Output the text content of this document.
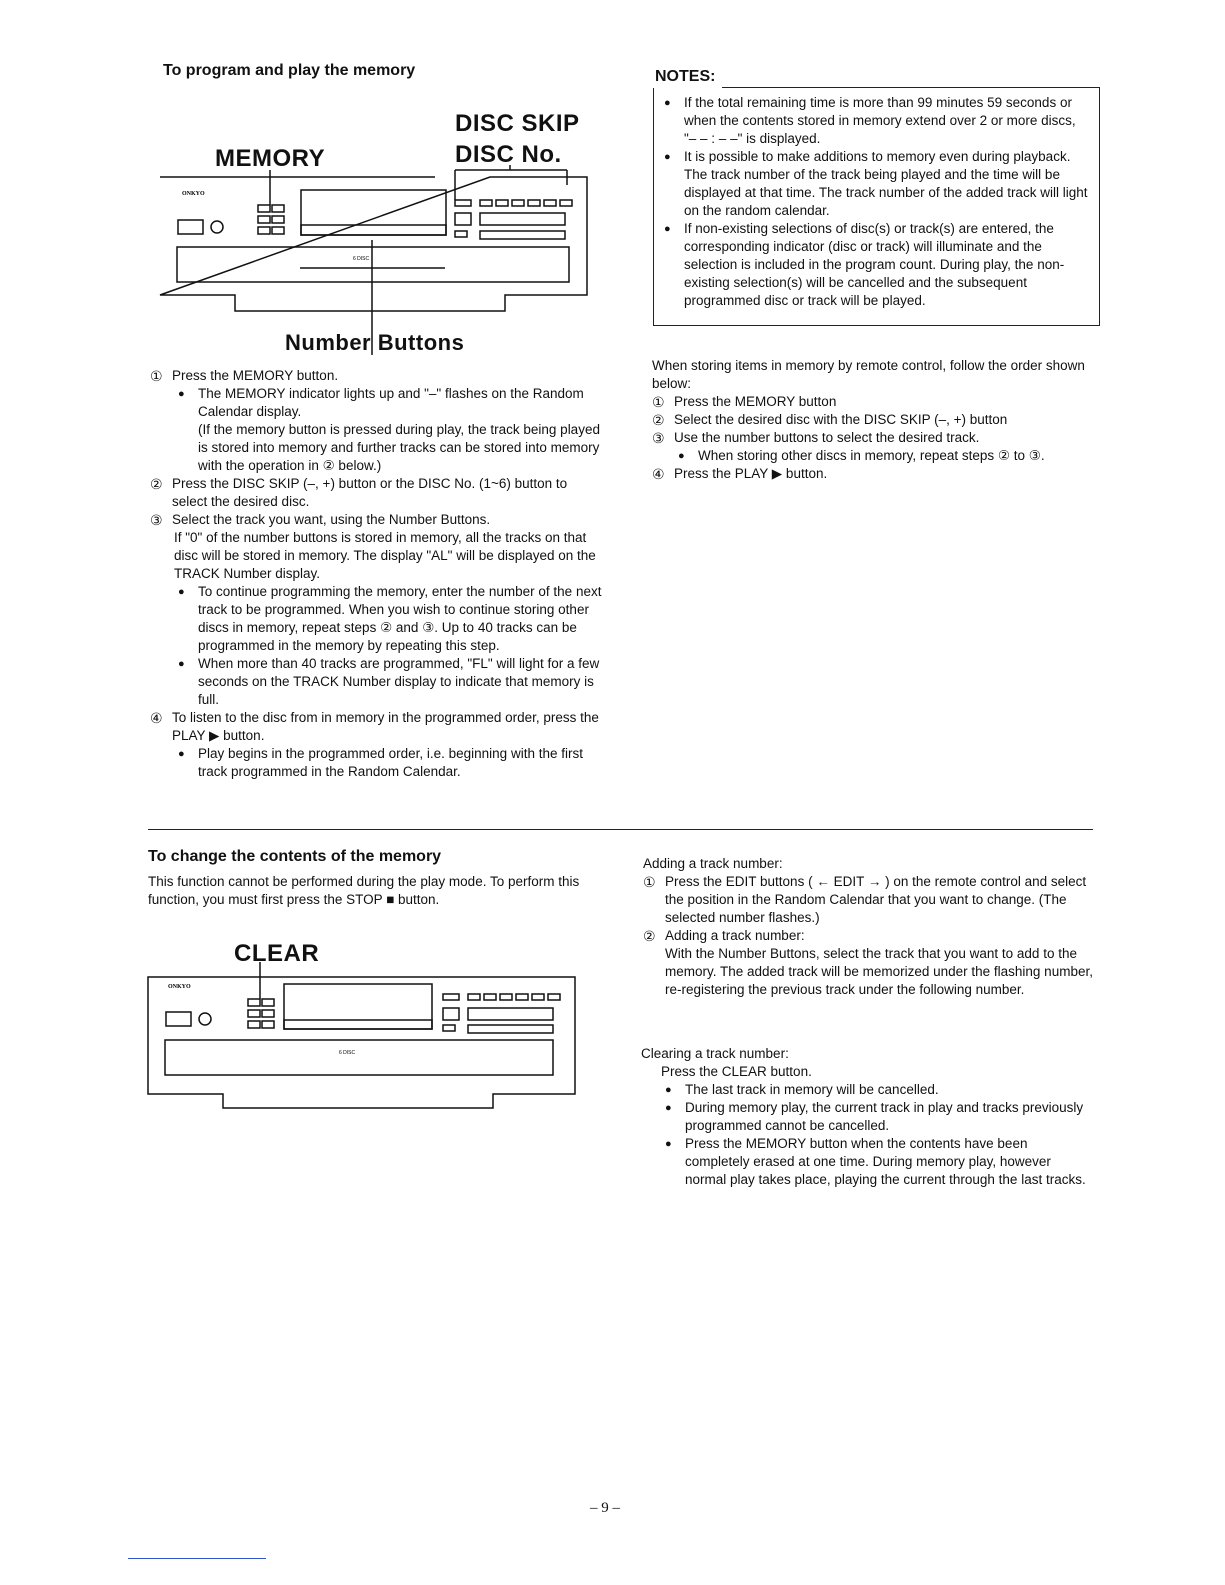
To program and play the memory
MEMORY
DISC SKIP
DISC No.
Number Buttons
ONKYO
6 DISC

① Press the MEMORY button.

● The MEMORY indicator lights up and "–" flashes on the Random Calendar display.

(If the memory button is pressed during play, the track being played is stored into memory and further tracks can be stored into memory with the operation in ② below.)

② Press the DISC SKIP (–, +) button or the DISC No. (1~6) button to select the desired disc.

③ Select the track you want, using the Number Buttons.

If "0" of the number buttons is stored in memory, all the tracks on that disc will be stored in memory. The display "AL" will be displayed on the TRACK Number display.

● To continue programming the memory, enter the number of the next track to be programmed. When you wish to continue storing other discs in memory, repeat steps ② and ③. Up to 40 tracks can be programmed in the memory by repeating this step.

● When more than 40 tracks are programmed, "FL" will light for a few seconds on the TRACK Number display to indicate that memory is full.

④ To listen to the disc from in memory in the programmed order, press the PLAY ▶ button.

● Play begins in the programmed order, i.e. beginning with the first track programmed in the Random Calendar.

NOTES:

● If the total remaining time is more than 99 minutes 59 seconds or when the contents stored in memory extend over 2 or more discs, "– – : – –" is displayed.

● It is possible to make additions to memory even during playback. The track number of the track being played and the time will be displayed at that time. The track number of the added track will light on the random calendar.

● If non-existing selections of disc(s) or track(s) are entered, the corresponding indicator (disc or track) will illuminate and the selection is included in the program count. During play, the non-existing selection(s) will be cancelled and the subsequent programmed disc or track will be played.

When storing items in memory by remote control, follow the order shown below:

① Press the MEMORY button

② Select the desired disc with the DISC SKIP (–, +) button

③ Use the number buttons to select the desired track.

● When storing other discs in memory, repeat steps ② to ③.

④ Press the PLAY ▶ button.

To change the contents of the memory
This function cannot be performed during the play mode. To perform this function, you must first press the STOP ■ button.
CLEAR
ONKYO
6 DISC

Adding a track number:

① Press the EDIT buttons ( ← EDIT → ) on the remote control and select the position in the Random Calendar that you want to change. (The selected number flashes.)

② Adding a track number:

With the Number Buttons, select the track that you want to add to the memory. The added track will be memorized under the flashing number, re-registering the previous track under the following number.

Clearing a track number:

Press the CLEAR button.

● The last track in memory will be cancelled.

● During memory play, the current track in play and tracks previously programmed cannot be cancelled.

● Press the MEMORY button when the contents have been completely erased at one time. During memory play, however normal play takes place, playing the current through the last tracks.

– 9 –
